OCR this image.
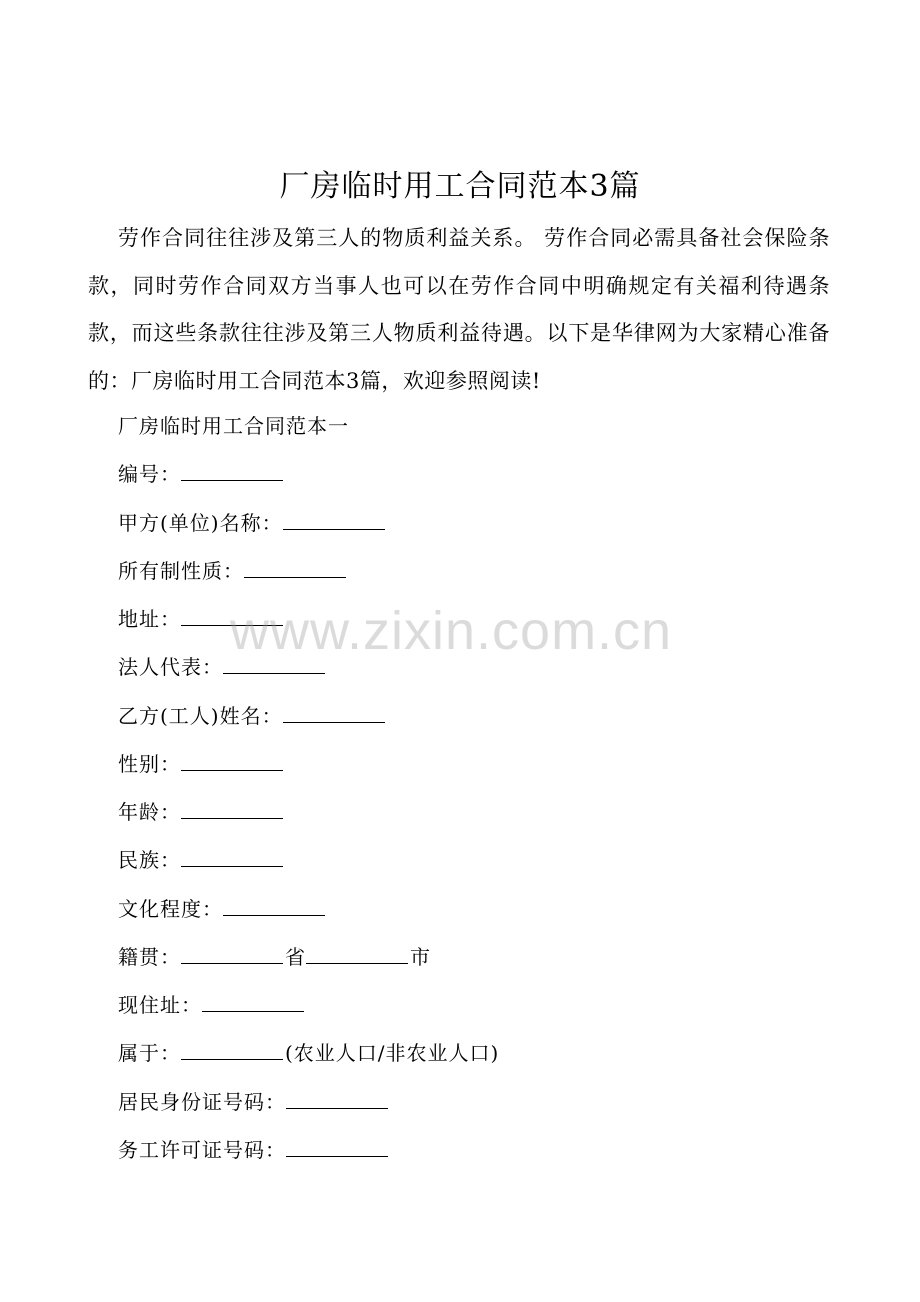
厂房临时用工合同范本3篇
劳作合同往往涉及第三人的物质利益关系。 劳作合同必需具备社会保险条款，同时劳作合同双方当事人也可以在劳作合同中明确规定有关福利待遇条款，而这些条款往往涉及第三人物质利益待遇。以下是华律网为大家精心准备的：厂房临时用工合同范本3篇，欢迎参照阅读!
厂房临时用工合同范本一
编号：
甲方(单位)名称：
所有制性质：
地址：
法人代表：
乙方(工人)姓名：
性别：
年龄：
民族：
文化程度：
籍贯：	省	市
现住址：
属于：	(农业人口/非农业人口)
居民身份证号码：
务工许可证号码：
www.zixin.com.cn
